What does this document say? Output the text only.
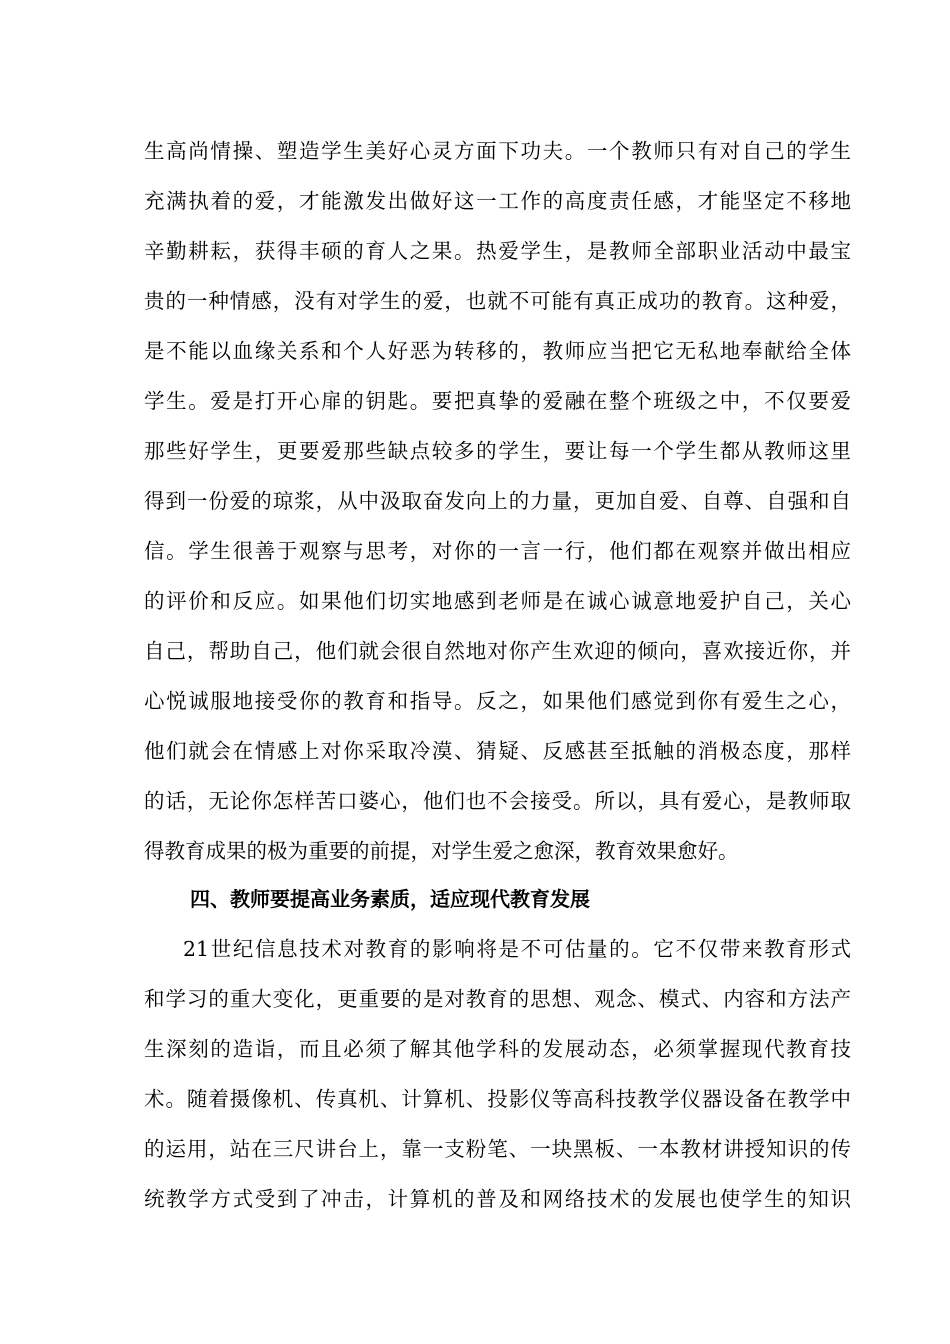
生高尚情操、塑造学生美好心灵方面下功夫。一个教师只有对自己的学生
充满执着的爱，才能激发出做好这一工作的高度责任感，才能坚定不移地
辛勤耕耘，获得丰硕的育人之果。热爱学生，是教师全部职业活动中最宝
贵的一种情感，没有对学生的爱，也就不可能有真正成功的教育。这种爱，
是不能以血缘关系和个人好恶为转移的，教师应当把它无私地奉献给全体
学生。爱是打开心扉的钥匙。要把真挚的爱融在整个班级之中，不仅要爱
那些好学生，更要爱那些缺点较多的学生，要让每一个学生都从教师这里
得到一份爱的琼浆，从中汲取奋发向上的力量，更加自爱、自尊、自强和自
信。学生很善于观察与思考，对你的一言一行，他们都在观察并做出相应
的评价和反应。如果他们切实地感到老师是在诚心诚意地爱护自己，关心
自己，帮助自己，他们就会很自然地对你产生欢迎的倾向，喜欢接近你，并
心悦诚服地接受你的教育和指导。反之，如果他们感觉到你有爱生之心，
他们就会在情感上对你采取冷漠、猜疑、反感甚至抵触的消极态度，那样
的话，无论你怎样苦口婆心，他们也不会接受。所以，具有爱心，是教师取
得教育成果的极为重要的前提，对学生爱之愈深，教育效果愈好。
四、教师要提高业务素质，适应现代教育发展
21世纪信息技术对教育的影响将是不可估量的。它不仅带来教育形式
和学习的重大变化，更重要的是对教育的思想、观念、模式、内容和方法产
生深刻的造诣，而且必须了解其他学科的发展动态，必须掌握现代教育技
术。随着摄像机、传真机、计算机、投影仪等高科技教学仪器设备在教学中
的运用，站在三尺讲台上，靠一支粉笔、一块黑板、一本教材讲授知识的传
统教学方式受到了冲击，计算机的普及和网络技术的发展也使学生的知识
